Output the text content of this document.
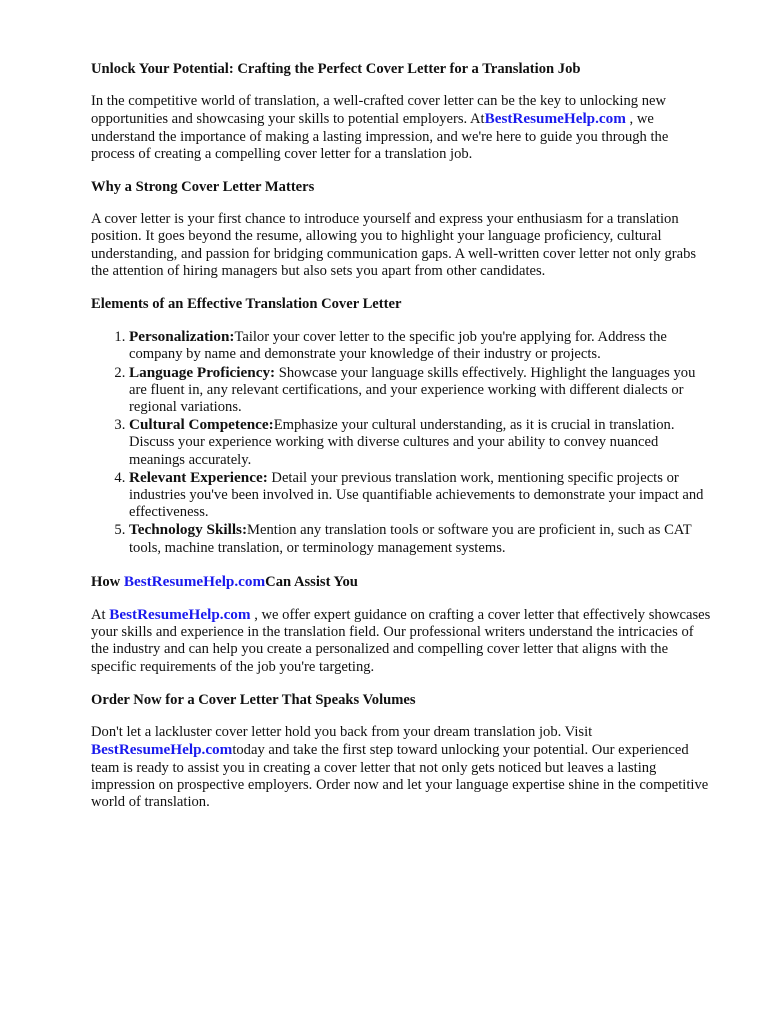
Unlock Your Potential: Crafting the Perfect Cover Letter for a Translation Job

In the competitive world of translation, a well-crafted cover letter can be the key to unlocking new opportunities and showcasing your skills to potential employers. AtBestResumeHelp.com , we understand the importance of making a lasting impression, and we're here to guide you through the process of creating a compelling cover letter for a translation job.

Why a Strong Cover Letter Matters

A cover letter is your first chance to introduce yourself and express your enthusiasm for a translation position. It goes beyond the resume, allowing you to highlight your language proficiency, cultural understanding, and passion for bridging communication gaps. A well-written cover letter not only grabs the attention of hiring managers but also sets you apart from other candidates.

Elements of an Effective Translation Cover Letter
1. Personalization:Tailor your cover letter to the specific job you're applying for. Address the company by name and demonstrate your knowledge of their industry or projects.
2. Language Proficiency: Showcase your language skills effectively. Highlight the languages you are fluent in, any relevant certifications, and your experience working with different dialects or regional variations.
3. Cultural Competence:Emphasize your cultural understanding, as it is crucial in translation. Discuss your experience working with diverse cultures and your ability to convey nuanced meanings accurately.
4. Relevant Experience: Detail your previous translation work, mentioning specific projects or industries you've been involved in. Use quantifiable achievements to demonstrate your impact and effectiveness.
5. Technology Skills:Mention any translation tools or software you are proficient in, such as CAT tools, machine translation, or terminology management systems.
How BestResumeHelp.comCan Assist You

At BestResumeHelp.com , we offer expert guidance on crafting a cover letter that effectively showcases your skills and experience in the translation field. Our professional writers understand the intricacies of the industry and can help you create a personalized and compelling cover letter that aligns with the specific requirements of the job you're targeting.

Order Now for a Cover Letter That Speaks Volumes

Don't let a lackluster cover letter hold you back from your dream translation job. Visit BestResumeHelp.comtoday and take the first step toward unlocking your potential. Our experienced team is ready to assist you in creating a cover letter that not only gets noticed but leaves a lasting impression on prospective employers. Order now and let your language expertise shine in the competitive world of translation.
